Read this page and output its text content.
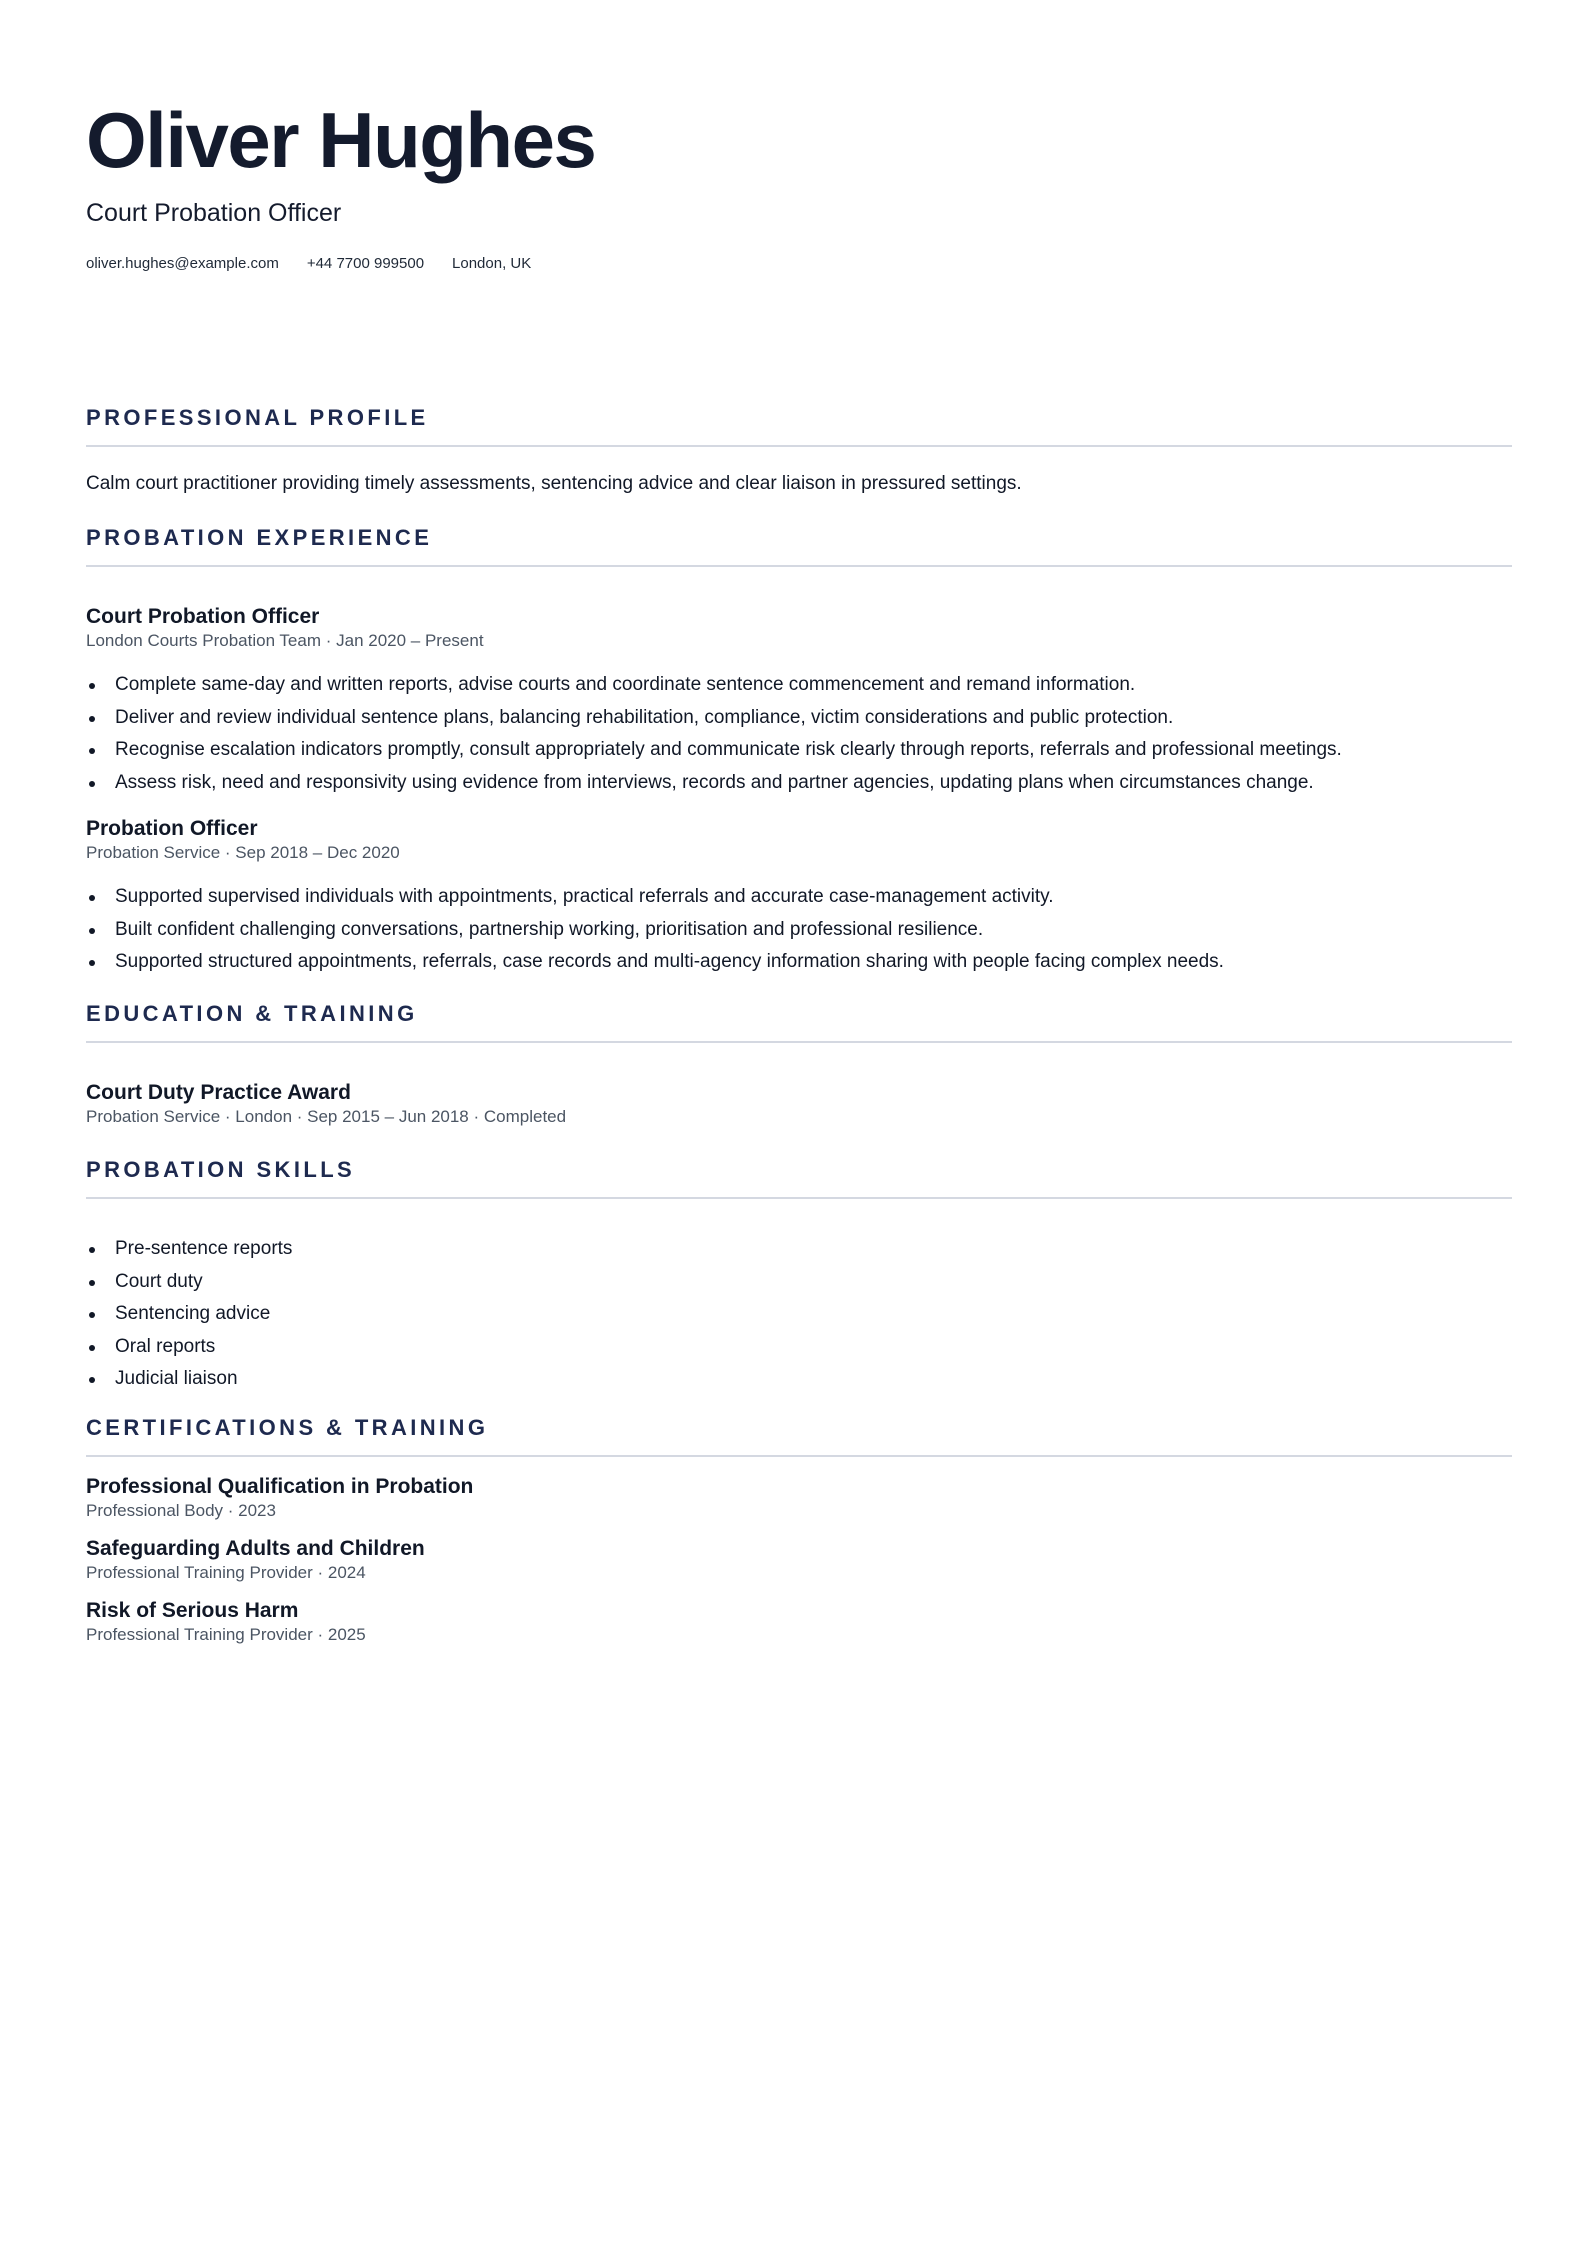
Oliver Hughes
Court Probation Officer
oliver.hughes@example.com +44 7700 999500 London, UK
PROFESSIONAL PROFILE
Calm court practitioner providing timely assessments, sentencing advice and clear liaison in pressured settings.
PROBATION EXPERIENCE
Court Probation Officer
London Courts Probation Team · Jan 2020 – Present
Complete same-day and written reports, advise courts and coordinate sentence commencement and remand information.
Deliver and review individual sentence plans, balancing rehabilitation, compliance, victim considerations and public protection.
Recognise escalation indicators promptly, consult appropriately and communicate risk clearly through reports, referrals and professional meetings.
Assess risk, need and responsivity using evidence from interviews, records and partner agencies, updating plans when circumstances change.
Probation Officer
Probation Service · Sep 2018 – Dec 2020
Supported supervised individuals with appointments, practical referrals and accurate case-management activity.
Built confident challenging conversations, partnership working, prioritisation and professional resilience.
Supported structured appointments, referrals, case records and multi-agency information sharing with people facing complex needs.
EDUCATION & TRAINING
Court Duty Practice Award
Probation Service · London · Sep 2015 – Jun 2018 · Completed
PROBATION SKILLS
Pre-sentence reports
Court duty
Sentencing advice
Oral reports
Judicial liaison
CERTIFICATIONS & TRAINING
Professional Qualification in Probation
Professional Body · 2023
Safeguarding Adults and Children
Professional Training Provider · 2024
Risk of Serious Harm
Professional Training Provider · 2025
